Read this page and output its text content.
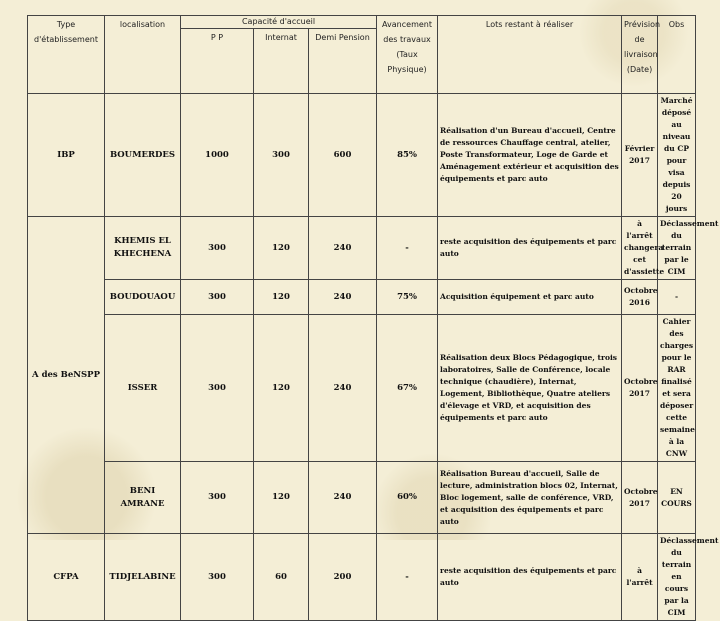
Type d'établissement	localisation	Capacité d'accueil			Avancement des travaux (Taux Physique)	Lots restant à réaliser	Prévision de livraison (Date)	Obs
		P P	Internat	Demi Pension				
IBP	BOUMERDES	1000	300	600	85%	Réalisation d'un Bureau d'accueil, Centre de ressources Chauffage central, atelier, Poste Transformateur, Loge de Garde et Aménagement extérieur et acquisition des équipements et parc auto	Février 2017	Marché déposé au niveau du CP pour visa depuis 20 jours
A des BeNSPP	KHEMIS EL KHECHENA	300	120	240	-	reste acquisition des équipements et parc auto	à l'arrêt changera cet d'assiette	Déclassement du terrain par le CIM
	BOUDOUAOU	300	120	240	75%	Acquisition équipement et parc auto	Octobre 2016	-
	ISSER	300	120	240	67%	Réalisation deux Blocs Pédagogique, trois laboratoires, Salle de Conférence, locale technique (chaudière), Internat, Logement, Bibliothèque, Quatre ateliers d'élevage et VRD, et acquisition des équipements et parc auto	Octobre 2017	Cahier des charges pour le RAR finalisé et sera déposer cette semaine à la CNW
	BENI AMRANE	300	120	240	60%	Réalisation Bureau d'accueil, Salle de lecture, administration blocs 02, Internat, Bloc logement, salle de conférence, VRD, et acquisition des équipements et parc auto	Octobre 2017	EN COURS
CFPA	TIDJELABINE	300	60	200	-	reste acquisition des équipements et parc auto	à l'arrêt	Déclassement du terrain en cours par la CIM
